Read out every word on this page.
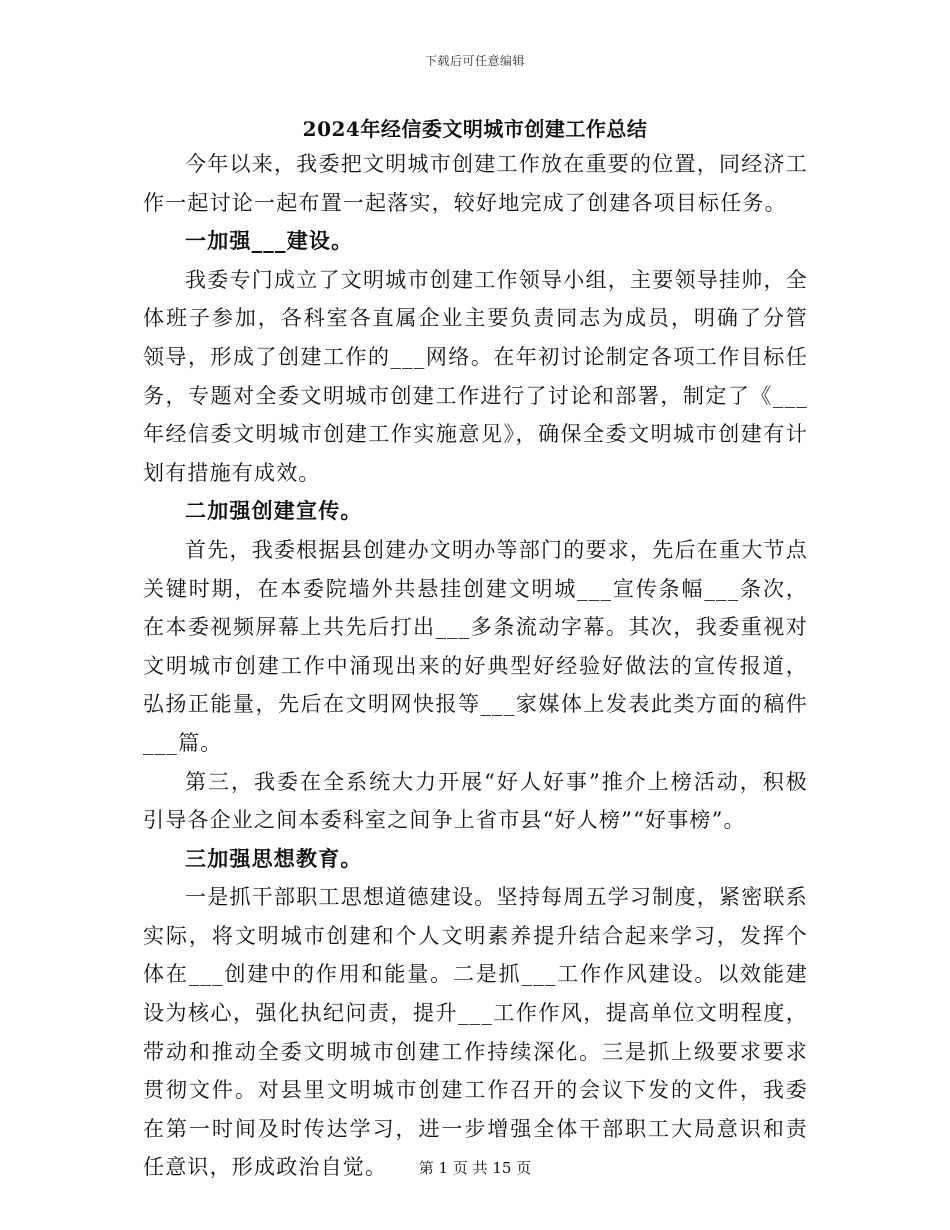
下载后可任意编辑
2024年经信委文明城市创建工作总结

今年以来，我委把文明城市创建工作放在重要的位置，同经济工作一起讨论一起布置一起落实，较好地完成了创建各项目标任务。

一加强___建设。

我委专门成立了文明城市创建工作领导小组，主要领导挂帅，全体班子参加，各科室各直属企业主要负责同志为成员，明确了分管领导，形成了创建工作的___网络。在年初讨论制定各项工作目标任务，专题对全委文明城市创建工作进行了讨论和部署，制定了《___年经信委文明城市创建工作实施意见》，确保全委文明城市创建有计划有措施有成效。

二加强创建宣传。

首先，我委根据县创建办文明办等部门的要求，先后在重大节点关键时期，在本委院墙外共悬挂创建文明城___宣传条幅___条次，在本委视频屏幕上共先后打出___多条流动字幕。其次，我委重视对文明城市创建工作中涌现出来的好典型好经验好做法的宣传报道，弘扬正能量，先后在文明网快报等___家媒体上发表此类方面的稿件___篇。

第三，我委在全系统大力开展“好人好事”推介上榜活动，积极引导各企业之间本委科室之间争上省市县“好人榜”“好事榜”。

三加强思想教育。

一是抓干部职工思想道德建设。坚持每周五学习制度，紧密联系实际，将文明城市创建和个人文明素养提升结合起来学习，发挥个体在___创建中的作用和能量。二是抓___工作作风建设。以效能建设为核心，强化执纪问责，提升___工作作风，提高单位文明程度，带动和推动全委文明城市创建工作持续深化。三是抓上级要求要求贯彻文件。对县里文明城市创建工作召开的会议下发的文件，我委在第一时间及时传达学习，进一步增强全体干部职工大局意识和责任意识，形成政治自觉。	第 1 页 共 15 页
